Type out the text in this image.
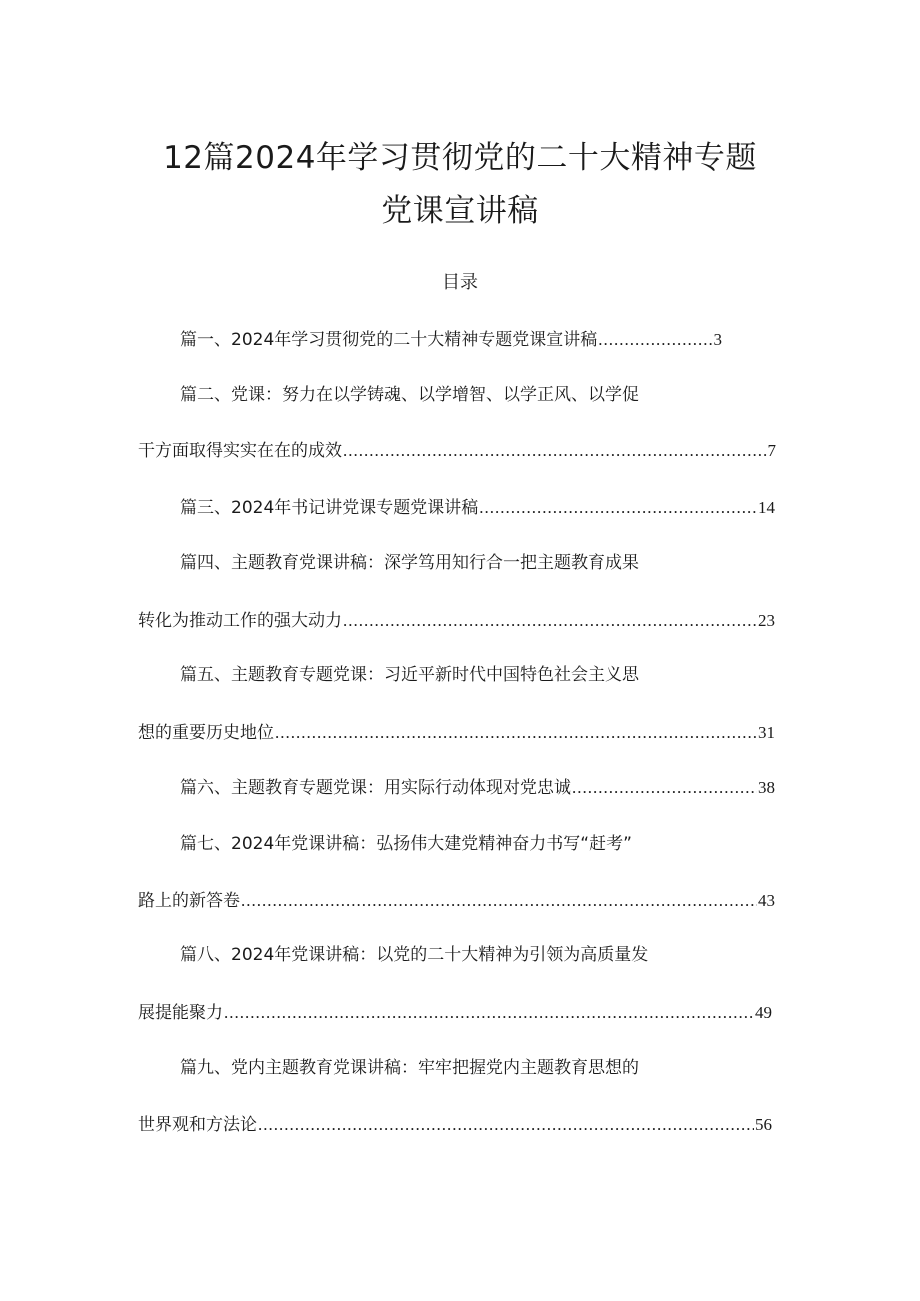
12篇2024年学习贯彻党的二十大精神专题
党课宣讲稿
目录
篇一、2024年学习贯彻党的二十大精神专题党课宣讲稿 .....	3
篇二、党课：努力在以学铸魂、以学增智、以学正风、以学促
干方面取得实实在在的成效 .....	7
篇三、2024年书记讲党课专题党课讲稿 .....	14
篇四、主题教育党课讲稿：深学笃用知行合一把主题教育成果
转化为推动工作的强大动力 .....	23
篇五、主题教育专题党课：习近平新时代中国特色社会主义思
想的重要历史地位 .....	31
篇六、主题教育专题党课：用实际行动体现对党忠诚 .....	38
篇七、2024年党课讲稿：弘扬伟大建党精神奋力书写“赶考”
路上的新答卷 .....	43
篇八、2024年党课讲稿：以党的二十大精神为引领为高质量发
展提能聚力 .....	49
篇九、党内主题教育党课讲稿：牢牢把握党内主题教育思想的
世界观和方法论 .....	56
